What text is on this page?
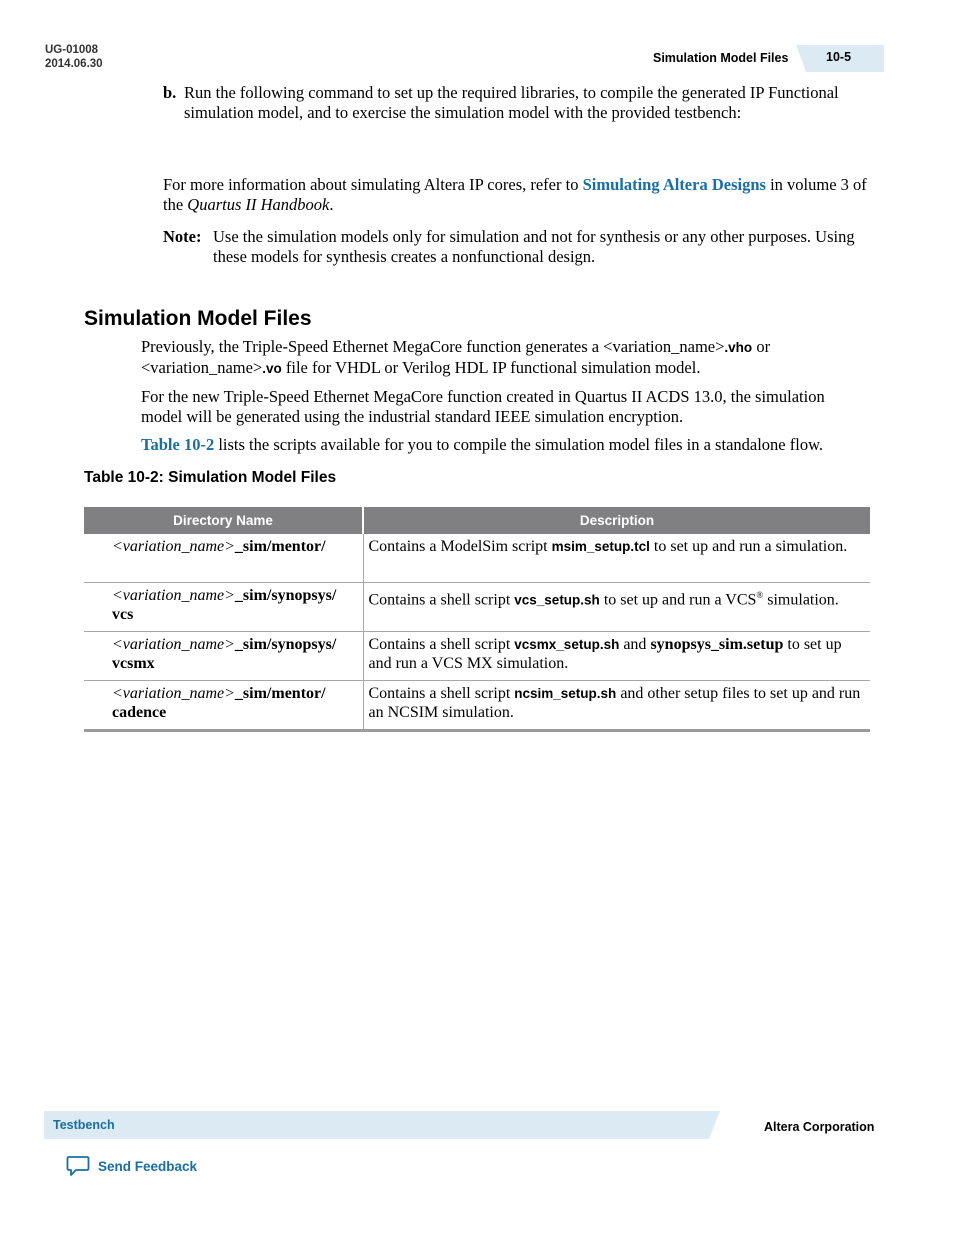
UG-01008
2014.06.30	Simulation Model Files	10-5
b. Run the following command to set up the required libraries, to compile the generated IP Functional simulation model, and to exercise the simulation model with the provided testbench:
For more information about simulating Altera IP cores, refer to Simulating Altera Designs in volume 3 of the Quartus II Handbook.
Note: Use the simulation models only for simulation and not for synthesis or any other purposes. Using these models for synthesis creates a nonfunctional design.
Simulation Model Files
Previously, the Triple-Speed Ethernet MegaCore function generates a <variation_name>.vho or <variation_name>.vo file for VHDL or Verilog HDL IP functional simulation model.
For the new Triple-Speed Ethernet MegaCore function created in Quartus II ACDS 13.0, the simulation model will be generated using the industrial standard IEEE simulation encryption.
Table 10-2 lists the scripts available for you to compile the simulation model files in a standalone flow.
Table 10-2: Simulation Model Files
Directory Name	Description
<variation_name>_sim/mentor/	Contains a ModelSim script msim_setup.tcl to set up and run a simulation.
<variation_name>_sim/synopsys/ vcs	Contains a shell script vcs_setup.sh to set up and run a VCS® simulation.
<variation_name>_sim/synopsys/ vcsmx	Contains a shell script vcsmx_setup.sh and synopsys_sim.setup to set up and run a VCS MX simulation.
<variation_name>_sim/mentor/ cadence	Contains a shell script ncsim_setup.sh and other setup files to set up and run an NCSIM simulation.
Testbench	Altera Corporation
Send Feedback
